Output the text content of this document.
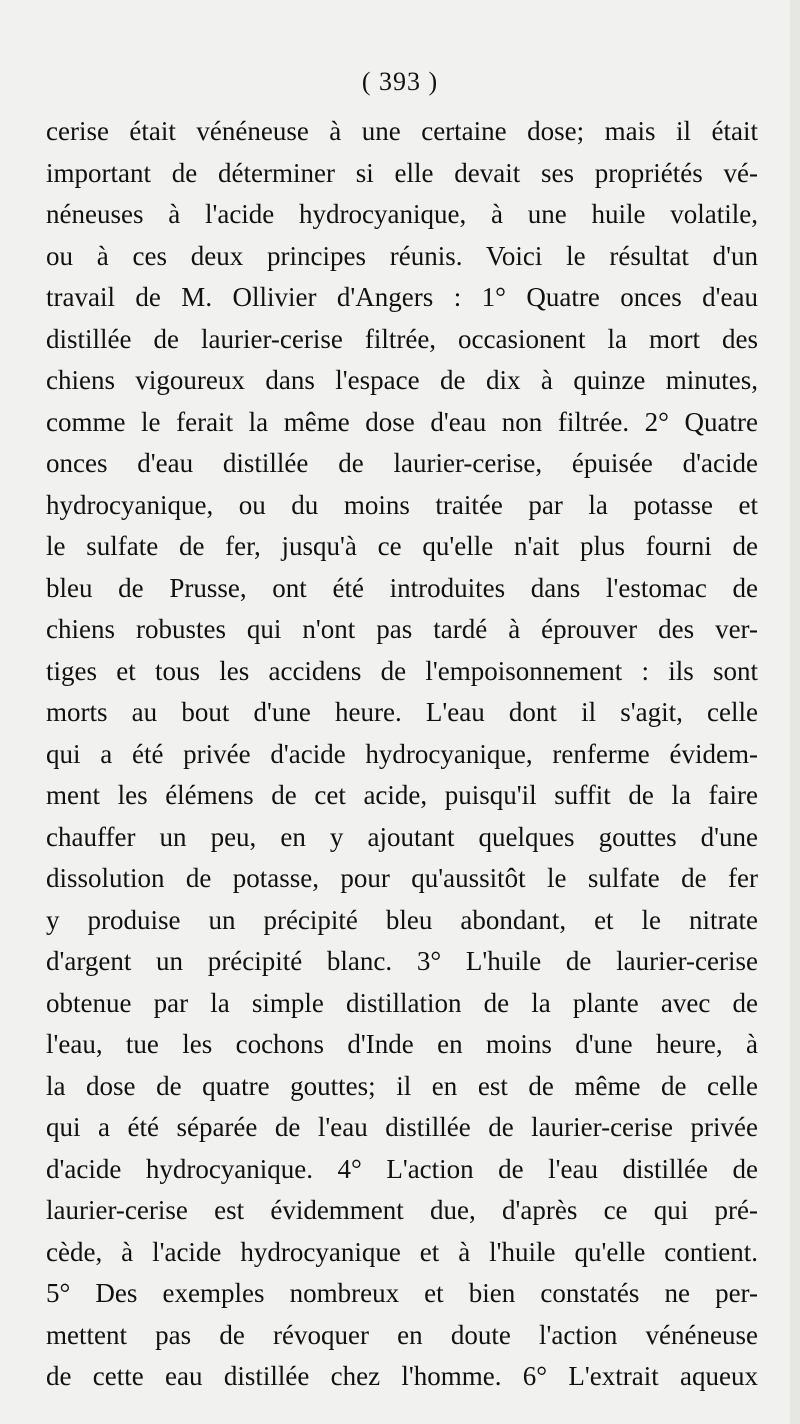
( 393 )
cerise était vénéneuse à une certaine dose; mais il était
important de déterminer si elle devait ses propriétés vé-
néneuses à l'acide hydrocyanique, à une huile volatile,
ou à ces deux principes réunis. Voici le résultat d'un
travail de M. Ollivier d'Angers : 1° Quatre onces d'eau
distillée de laurier-cerise filtrée, occasionent la mort des
chiens vigoureux dans l'espace de dix à quinze minutes,
comme le ferait la même dose d'eau non filtrée. 2° Quatre
onces d'eau distillée de laurier-cerise, épuisée d'acide
hydrocyanique, ou du moins traitée par la potasse et
le sulfate de fer, jusqu'à ce qu'elle n'ait plus fourni de
bleu de Prusse, ont été introduites dans l'estomac de
chiens robustes qui n'ont pas tardé à éprouver des ver-
tiges et tous les accidens de l'empoisonnement : ils sont
morts au bout d'une heure. L'eau dont il s'agit, celle
qui a été privée d'acide hydrocyanique, renferme évidem-
ment les élémens de cet acide, puisqu'il suffit de la faire
chauffer un peu, en y ajoutant quelques gouttes d'une
dissolution de potasse, pour qu'aussitôt le sulfate de fer
y produise un précipité bleu abondant, et le nitrate
d'argent un précipité blanc. 3° L'huile de laurier-cerise
obtenue par la simple distillation de la plante avec de
l'eau, tue les cochons d'Inde en moins d'une heure, à
la dose de quatre gouttes; il en est de même de celle
qui a été séparée de l'eau distillée de laurier-cerise privée
d'acide hydrocyanique. 4° L'action de l'eau distillée de
laurier-cerise est évidemment due, d'après ce qui pré-
cède, à l'acide hydrocyanique et à l'huile qu'elle contient.
5° Des exemples nombreux et bien constatés ne per-
mettent pas de révoquer en doute l'action vénéneuse
de cette eau distillée chez l'homme. 6° L'extrait aqueux
